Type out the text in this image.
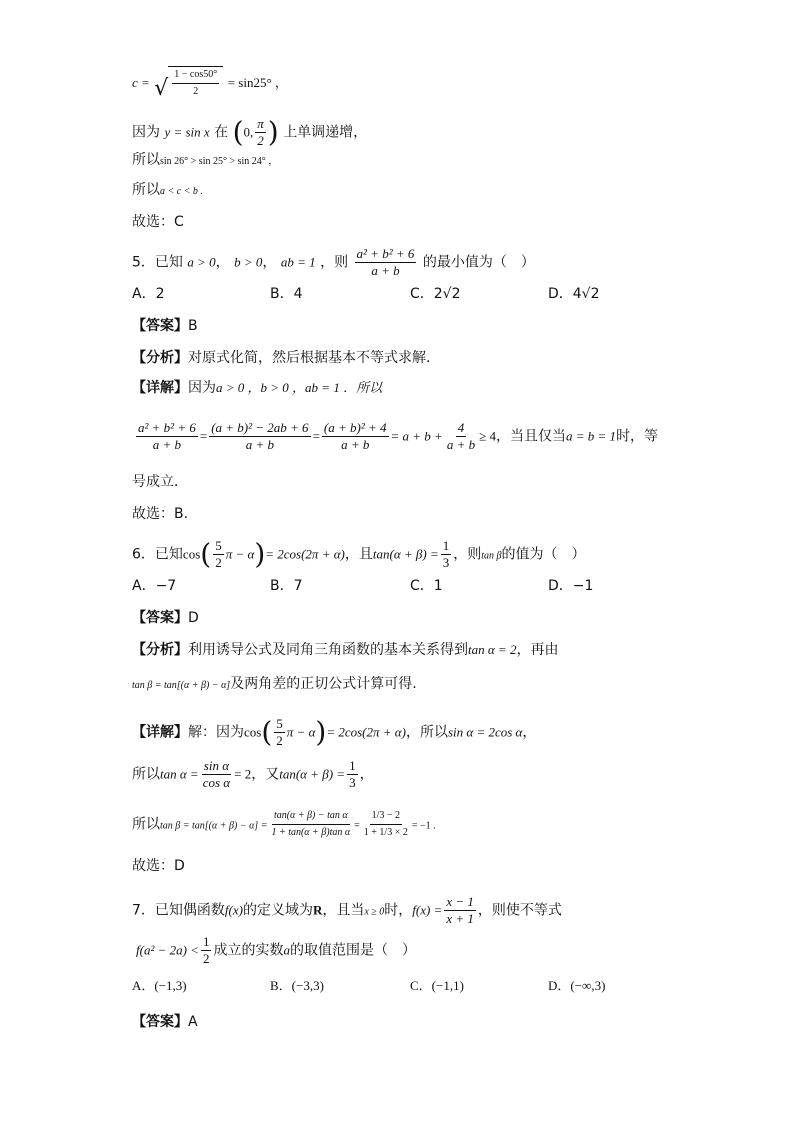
c = √ $\frac{1 - \cos 50^\circ}{2} = \sin 25^\circ$ ，
因为 y = sin x 在 (0, $\frac{\pi}{2}$ ) 上单调递增，
所以sin 26° > sin 25° > sin 24° ，
所以a < c < b .
故选：C
5．已知 a > 0， b > 0， ab = 1 ，则 $\frac{\text{a² + b² + 6}}{a + b}$ 的最小值为（　）
A．2	B．4	C．2√2	D．4√2
【答案】B
【分析】对原式化简，然后根据基本不等式求解.
【详解】因为a > 0 ，b > 0 ，ab = 1 ．所以
$\frac{\text{a² + b² + 6}}{a + b} = \frac{\text{(a + b)² − 2ab + 6}}{a + b} = \frac{\text{(a + b)² + 4}}{a + b} = a + b + \frac{4}{a + b} \ge 4$，当且仅当a = b = 1时，等
号成立．
故选：B.
6．已知$\cos( \frac{5}{2}$ π − α)= 2cos(2π + α)，且$\tan(\alpha + \beta) = \frac{1}{3}$ ，则tan β的值为（　）
A．−7	B．7	C．1	D．−1
【答案】D
【分析】利用诱导公式及同角三角函数的基本关系得到tan α = 2，再由
tan β = tan[(α + β) − α]及两角差的正切公式计算可得.
【详解】解：因为$\cos( \frac{5}{2}$ π − α)= 2cos(2π + α)，所以sin α = 2cos α，
所以$\tan \alpha = \frac{\text{sin α}}{\text{cos α}} = 2$，又$\tan(\alpha + \beta) = \frac{1}{3}$ ，
所以$\tan \beta = \tan[(\alpha + \beta) - \alpha] = \frac{\text{tan(α + β) − tan α}}{\text{1 + tan(α + β)tan α}} = \frac{1/3 - 2}{1 + 1/3 \times 2} = -1$ .
故选：D
7．已知偶函数f(x)的定义域为R，且当x ≥ 0时，$f(x) = \frac{x - 1}{x + 1}$ ，则使不等式
$f(a^2 - 2a) < \frac{1}{2}$ 成立的实数a的取值范围是（　）
A．(−1,3)	B．(−3,3)	C．(−1,1)	D．(−∞,3)
【答案】A
